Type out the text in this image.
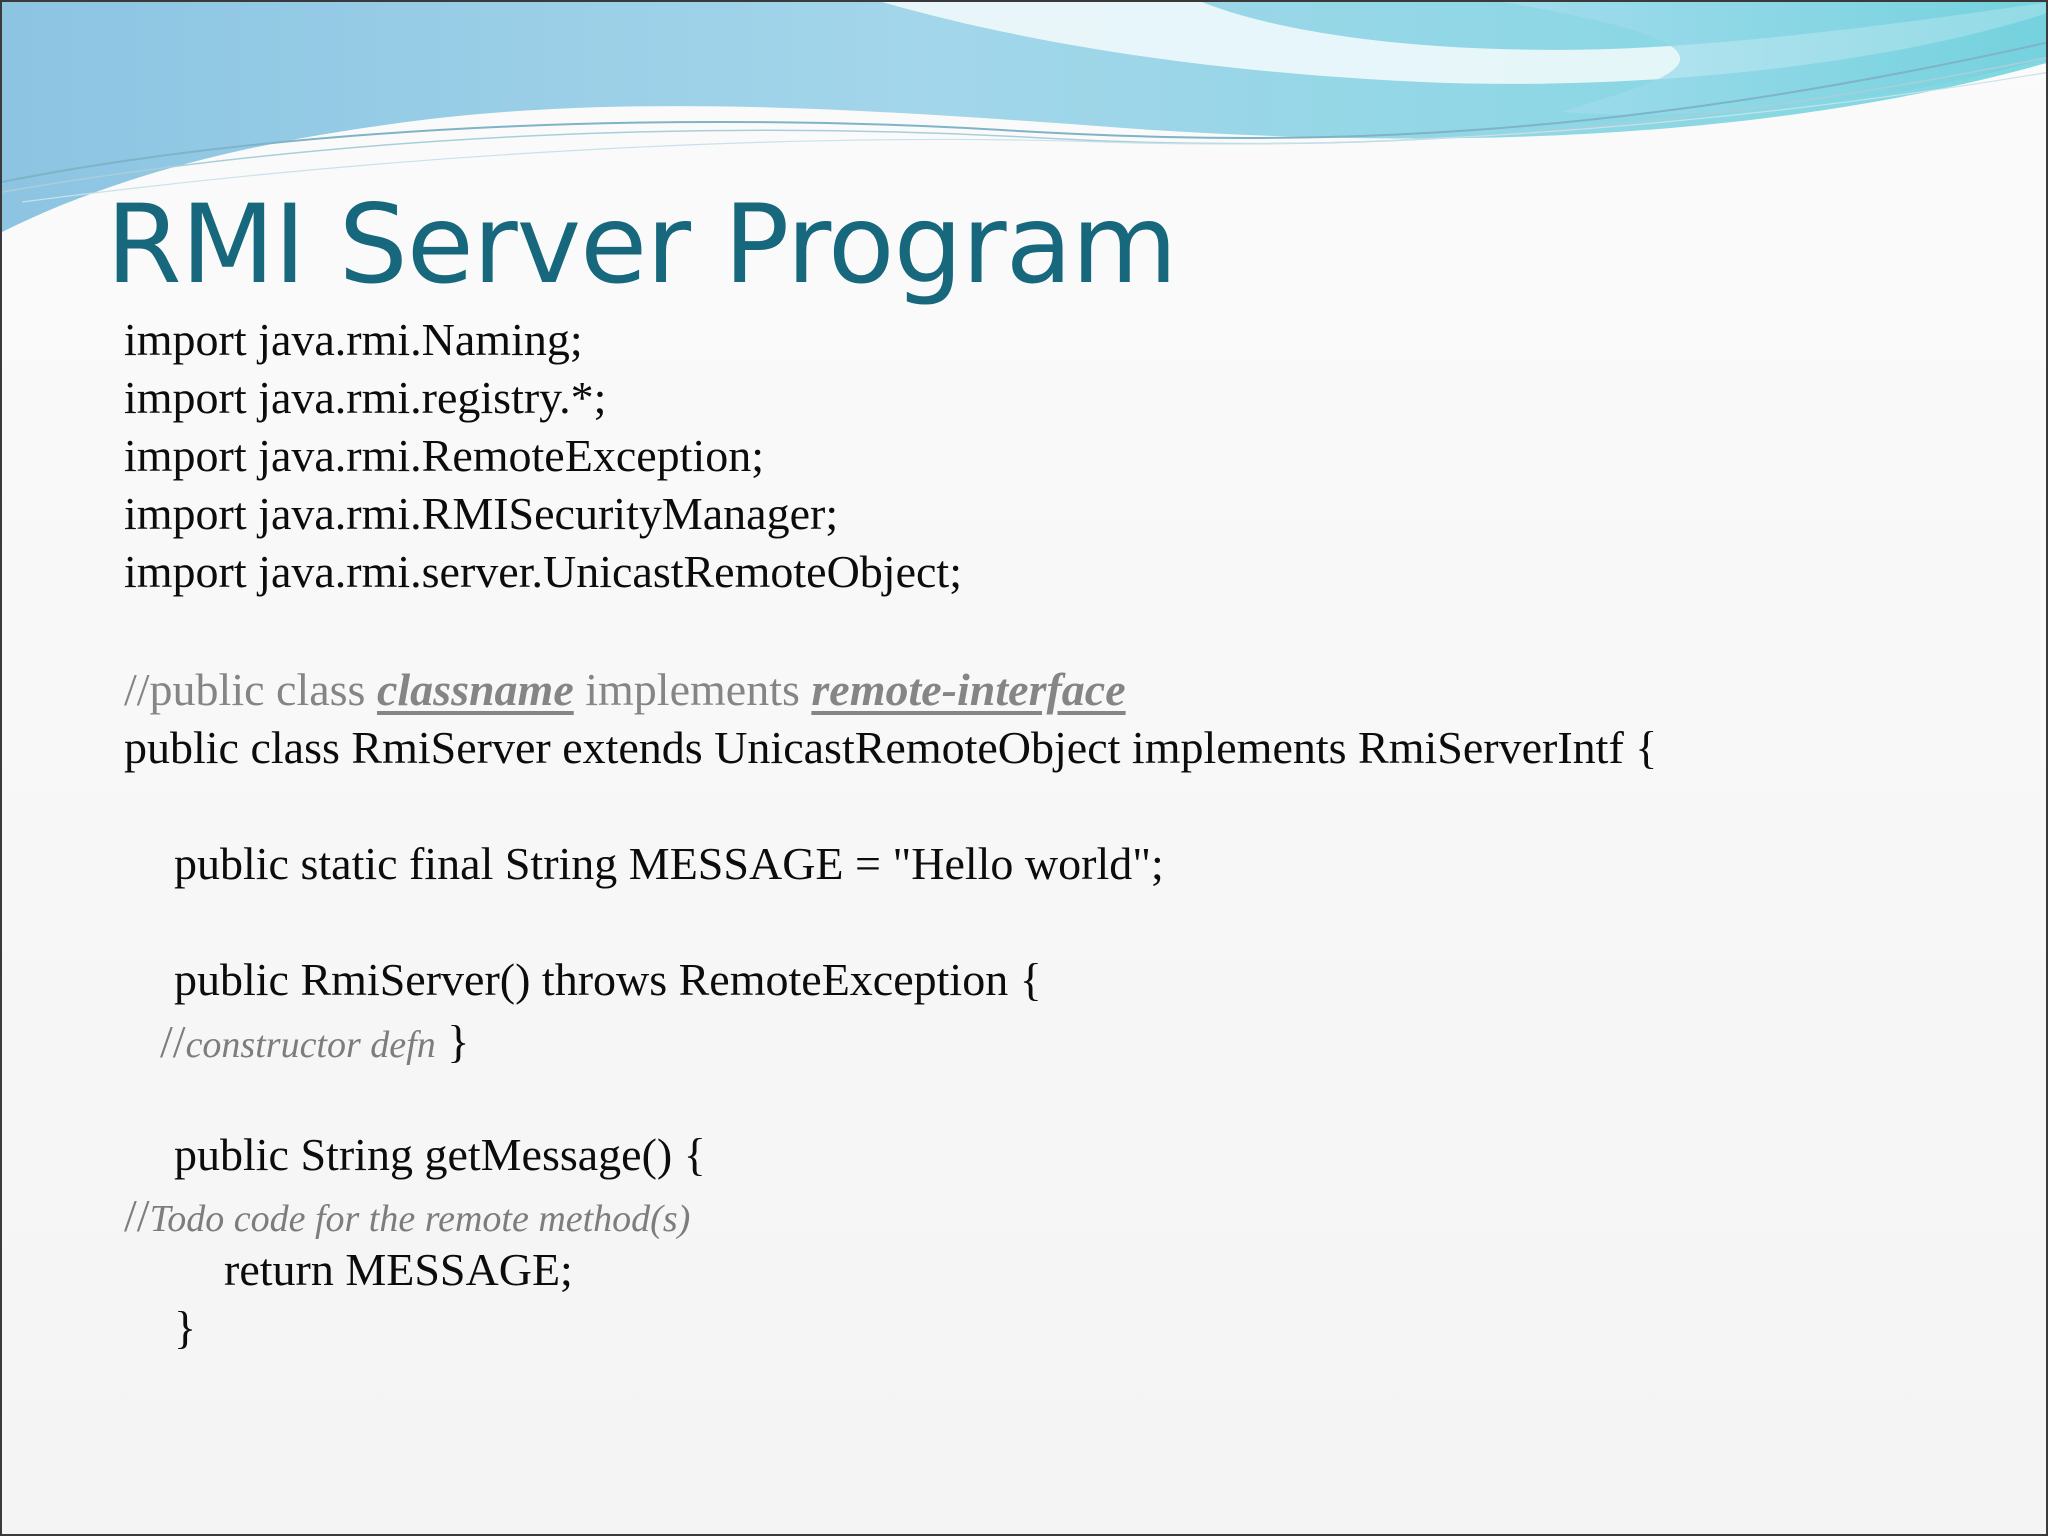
RMI Server Program
import java.rmi.Naming;
import java.rmi.registry.*;
import java.rmi.RemoteException;
import java.rmi.RMISecurityManager;
import java.rmi.server.UnicastRemoteObject;
//public class classname implements remote-interface
public class RmiServer extends UnicastRemoteObject implements RmiServerIntf {
public static final String MESSAGE = "Hello world";
public RmiServer() throws RemoteException {
//constructor defn }
public String getMessage() {
//Todo code for the remote method(s)
return MESSAGE;
}
